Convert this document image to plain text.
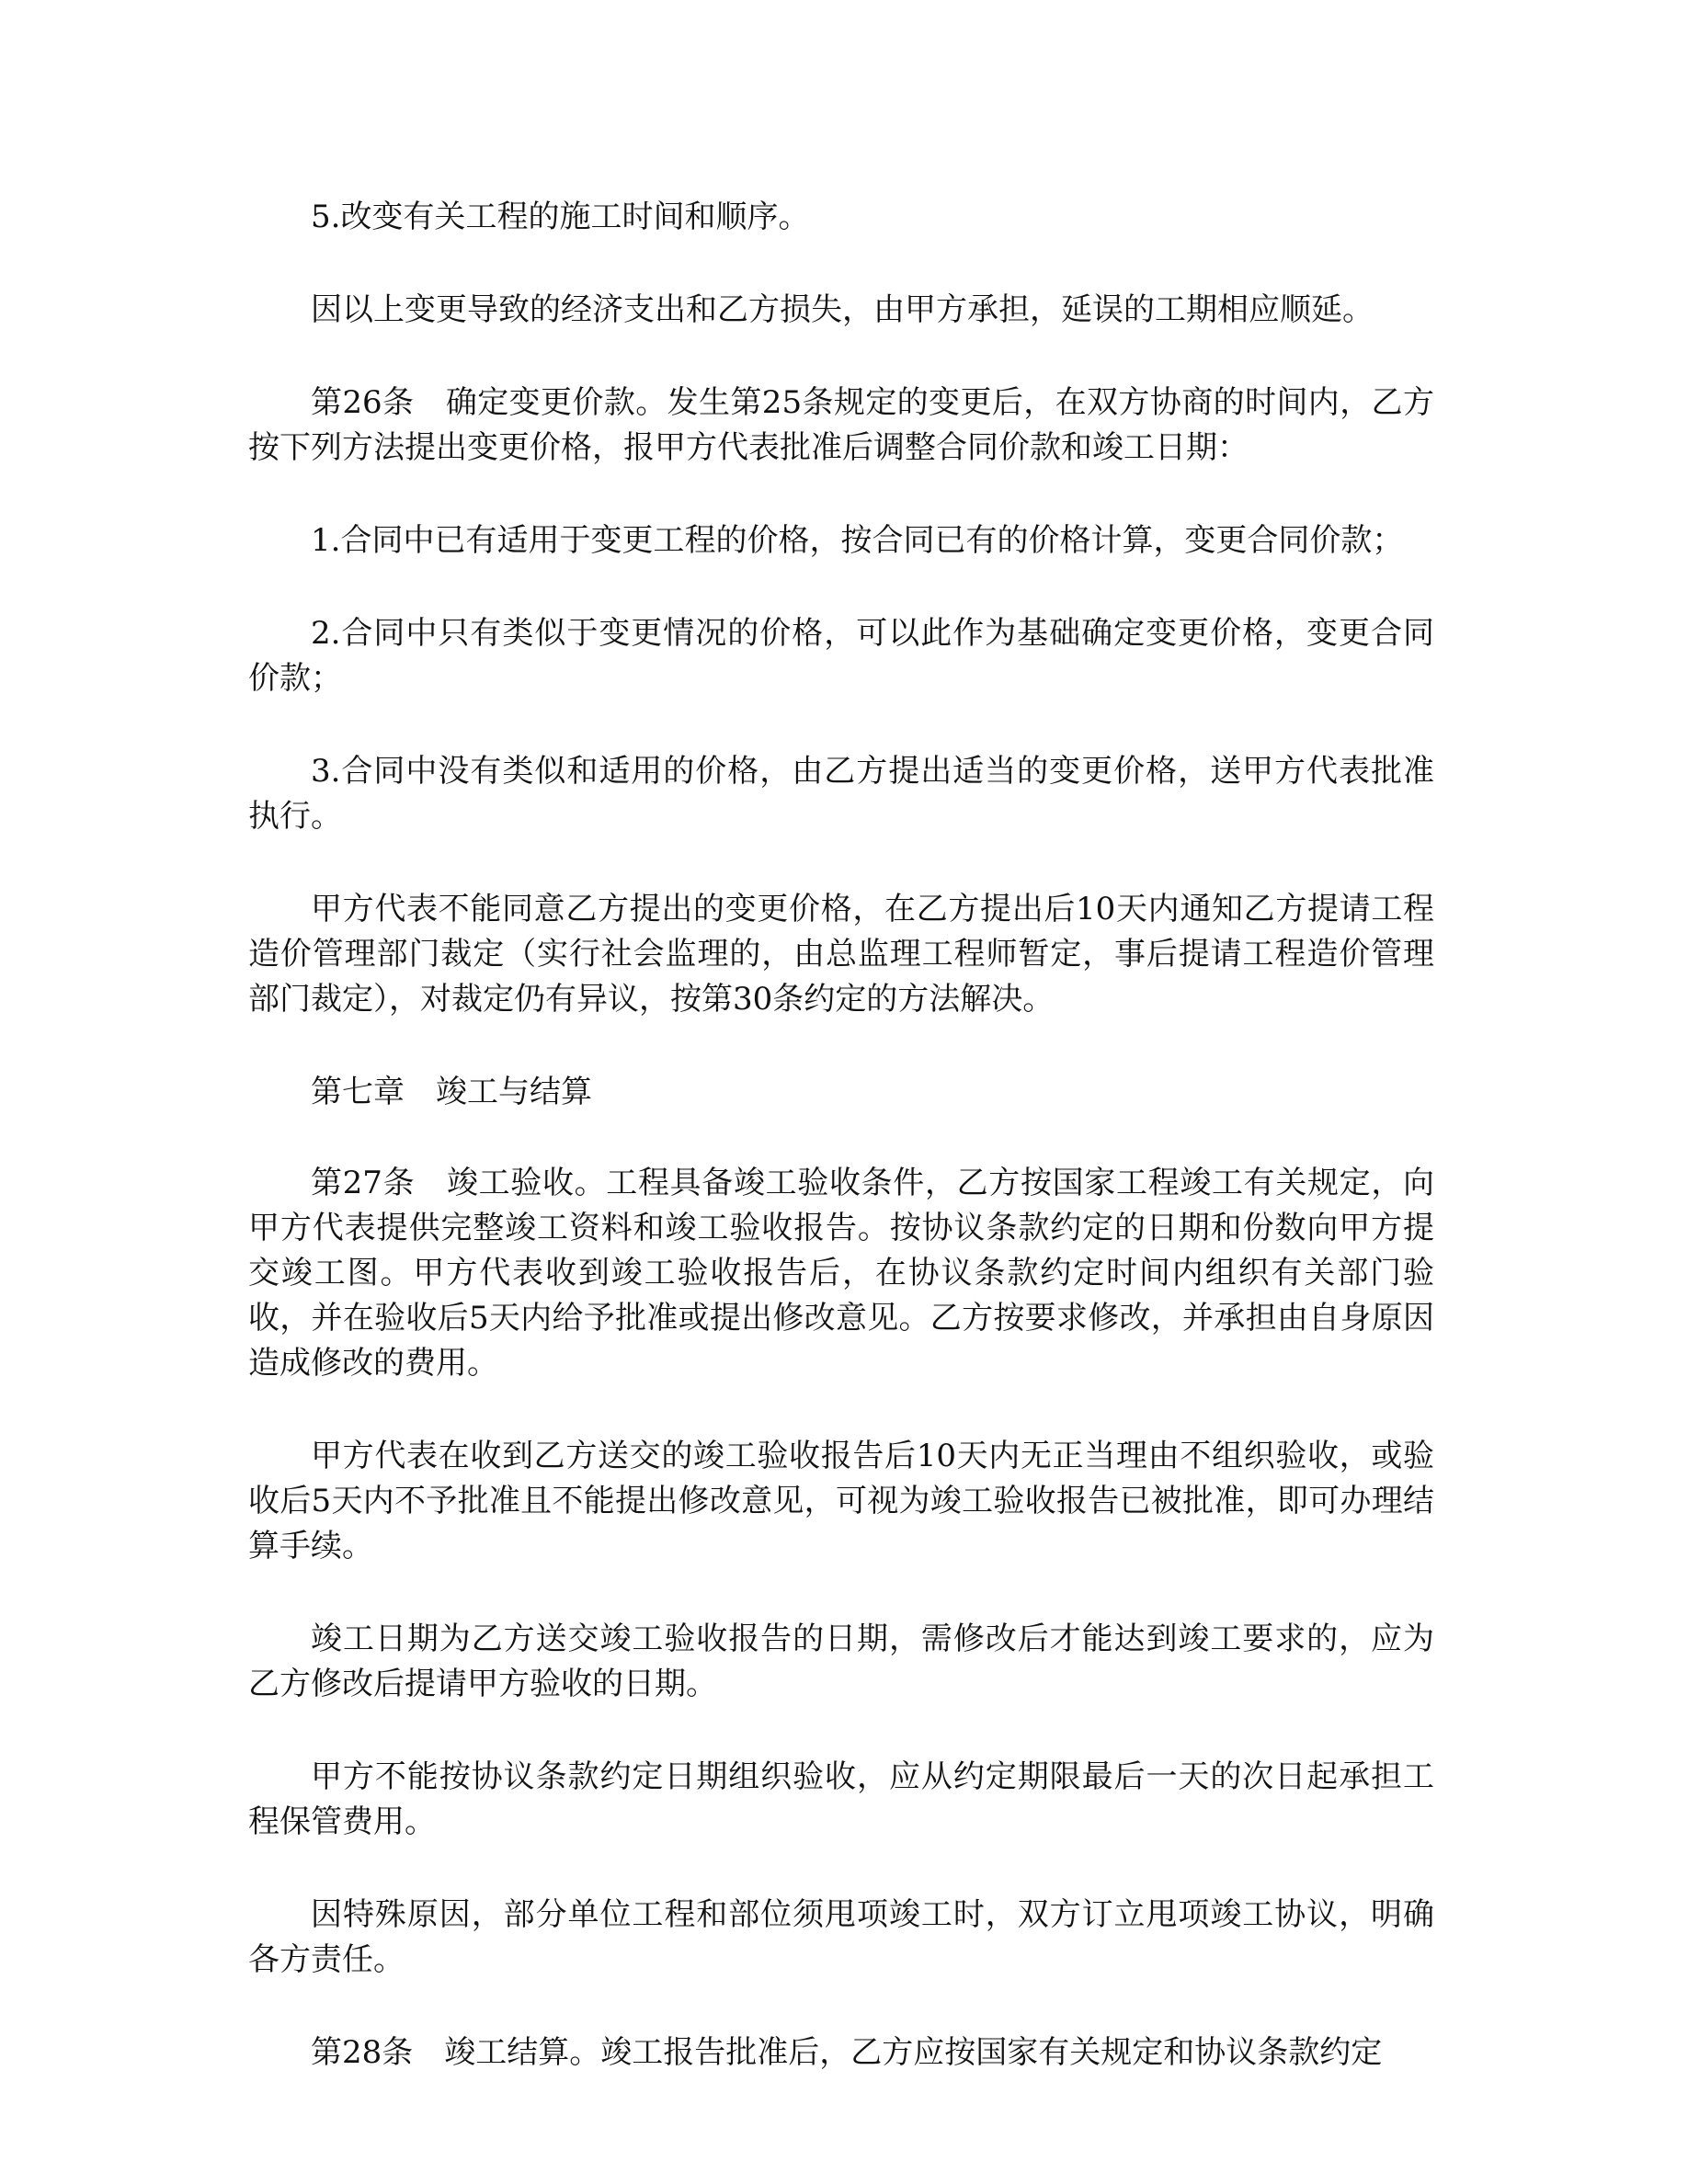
5.改变有关工程的施工时间和顺序。

因以上变更导致的经济支出和乙方损失，由甲方承担，延误的工期相应顺延。

第26条　确定变更价款。发生第25条规定的变更后，在双方协商的时间内，乙方按下列方法提出变更价格，报甲方代表批准后调整合同价款和竣工日期：

1.合同中已有适用于变更工程的价格，按合同已有的价格计算，变更合同价款；

2.合同中只有类似于变更情况的价格，可以此作为基础确定变更价格，变更合同价款；

3.合同中没有类似和适用的价格，由乙方提出适当的变更价格，送甲方代表批准执行。

甲方代表不能同意乙方提出的变更价格，在乙方提出后10天内通知乙方提请工程造价管理部门裁定（实行社会监理的，由总监理工程师暂定，事后提请工程造价管理部门裁定），对裁定仍有异议，按第30条约定的方法解决。

第七章　竣工与结算

第27条　竣工验收。工程具备竣工验收条件，乙方按国家工程竣工有关规定，向甲方代表提供完整竣工资料和竣工验收报告。按协议条款约定的日期和份数向甲方提交竣工图。甲方代表收到竣工验收报告后，在协议条款约定时间内组织有关部门验收，并在验收后5天内给予批准或提出修改意见。乙方按要求修改，并承担由自身原因造成修改的费用。

甲方代表在收到乙方送交的竣工验收报告后10天内无正当理由不组织验收，或验收后5天内不予批准且不能提出修改意见，可视为竣工验收报告已被批准，即可办理结算手续。

竣工日期为乙方送交竣工验收报告的日期，需修改后才能达到竣工要求的，应为乙方修改后提请甲方验收的日期。

甲方不能按协议条款约定日期组织验收，应从约定期限最后一天的次日起承担工程保管费用。

因特殊原因，部分单位工程和部位须甩项竣工时，双方订立甩项竣工协议，明确各方责任。

第28条　竣工结算。竣工报告批准后，乙方应按国家有关规定和协议条款约定
